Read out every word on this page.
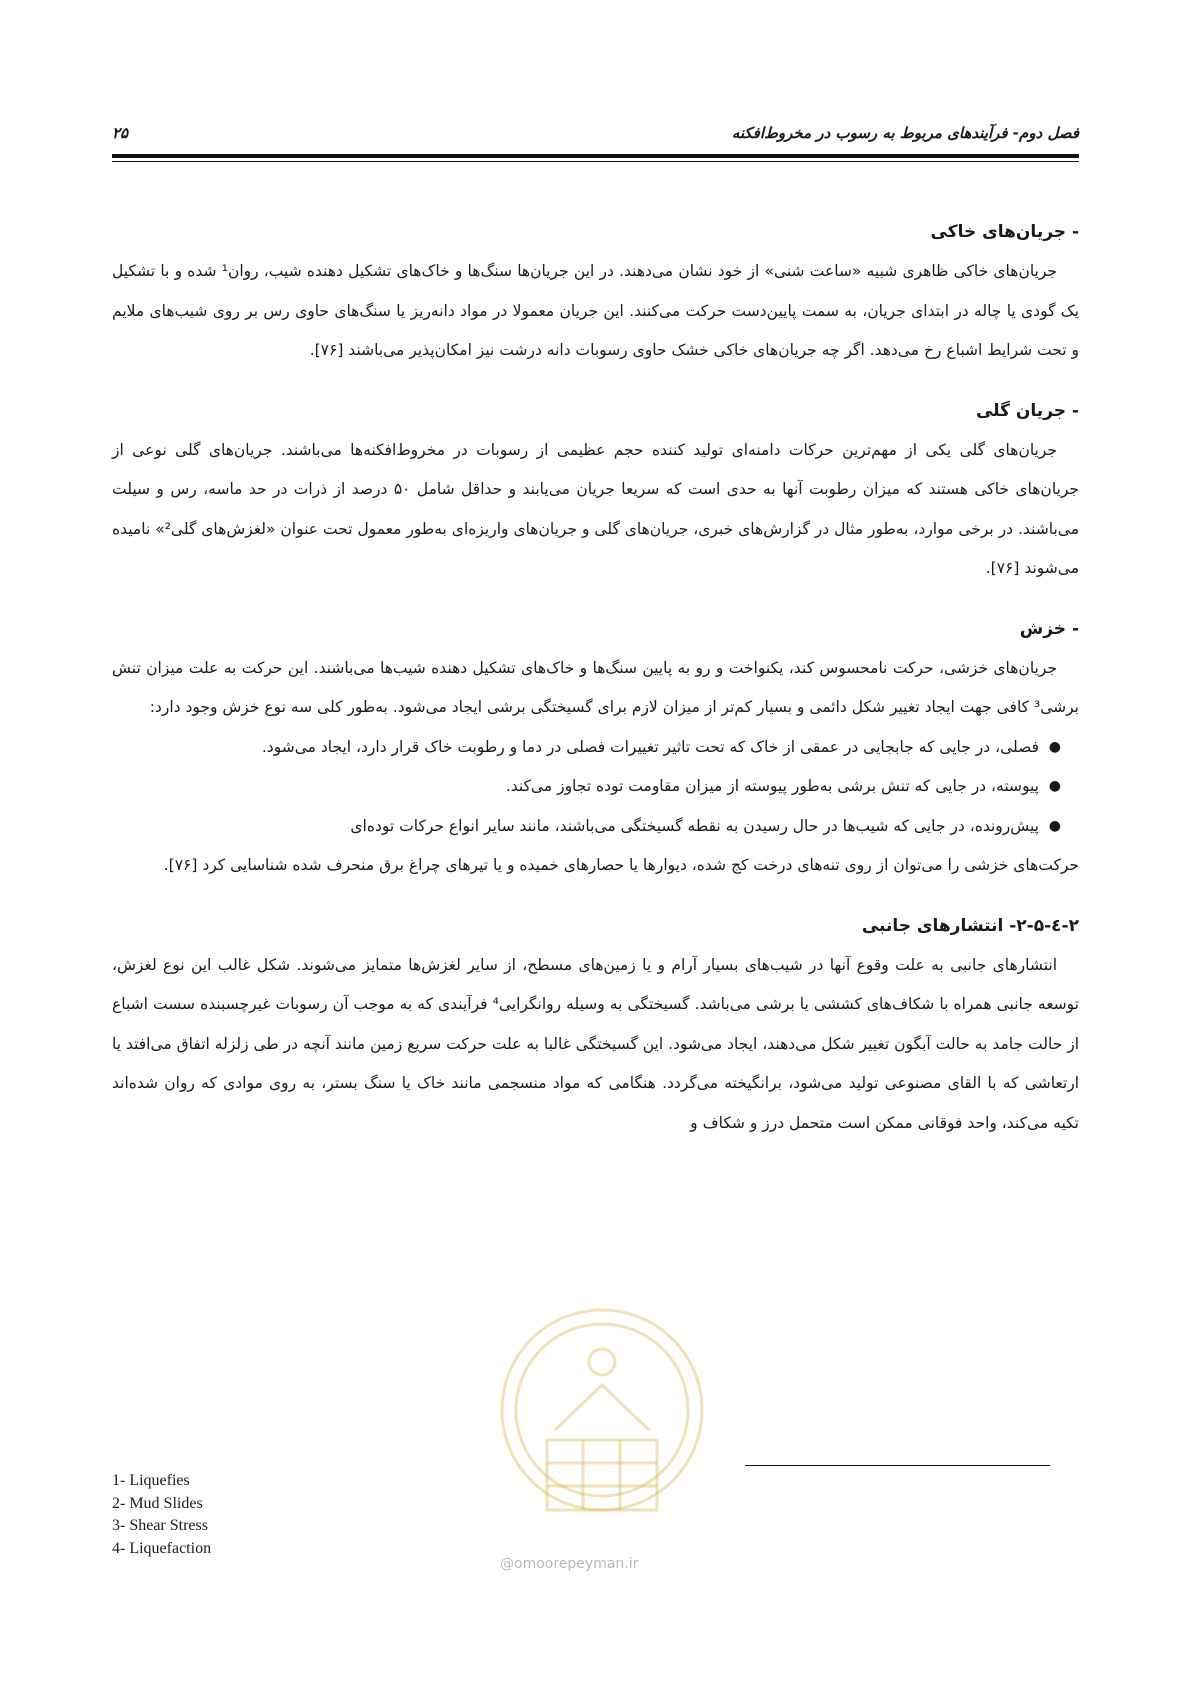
فصل دوم- فرآیندهای مربوط به رسوب در مخروط‌افکنه
۲۵
- جریان‌های خاکی

جریان‌های خاکی ظاهری شبیه «ساعت شنی» از خود نشان می‌دهند. در این جریان‌ها سنگ‌ها و خاک‌های تشکیل دهنده شیب، روان¹ شده و با تشکیل یک گودی یا چاله در ابتدای جریان، به سمت پایین‌دست حرکت می‌کنند. این جریان معمولا در مواد دانه‌ریز یا سنگ‌های حاوی رس بر روی شیب‌های ملایم و تحت شرایط اشباع رخ می‌دهد. اگر چه جریان‌های خاکی خشک حاوی رسوبات دانه درشت نیز امکان‌پذیر می‌باشند [۷۶].

- جریان گلی

جریان‌های گلی یکی از مهم‌ترین حرکات دامنه‌ای تولید کننده حجم عظیمی از رسوبات در مخروط‌افکنه‌ها می‌باشند. جریان‌های گلی نوعی از جریان‌های خاکی هستند که میزان رطوبت آنها به حدی است که سریعا جریان می‌یابند و حداقل شامل ۵۰ درصد از ذرات در حد ماسه، رس و سیلت می‌باشند. در برخی موارد، به‌طور مثال در گزارش‌های خبری، جریان‌های گلی و جریان‌های واریزه‌ای به‌طور معمول تحت عنوان «لغزش‌های گلی²» نامیده می‌شوند [۷۶].

- خزش

جریان‌های خزشی، حرکت نامحسوس کند، یکنواخت و رو به پایین سنگ‌ها و خاک‌های تشکیل دهنده شیب‌ها می‌باشند. این حرکت به علت میزان تنش برشی³ کافی جهت ایجاد تغییر شکل دائمی و بسیار کم‌تر از میزان لازم برای گسیختگی برشی ایجاد می‌شود. به‌طور کلی سه نوع خزش وجود دارد:

●
فصلی، در جایی که جابجایی در عمقی از خاک که تحت تاثیر تغییرات فصلی در دما و رطوبت خاک قرار دارد، ایجاد می‌شود.
●
پیوسته، در جایی که تنش برشی به‌طور پیوسته از میزان مقاومت توده تجاوز می‌کند.
●
پیش‌رونده، در جایی که شیب‌ها در حال رسیدن به نقطه گسیختگی می‌باشند، مانند سایر انواع حرکات توده‌ای

حرکت‌های خزشی را می‌توان از روی تنه‌های درخت کج شده، دیوارها یا حصارهای خمیده و یا تیرهای چراغ برق منحرف شده شناسایی کرد [۷۶].

۲-٤-۲-۵- انتشارهای جانبی

انتشارهای جانبی به علت وقوع آنها در شیب‌های بسیار آرام و یا زمین‌های مسطح، از سایر لغزش‌ها متمایز می‌شوند. شکل غالب این نوع لغزش، توسعه جانبی همراه با شکاف‌های کششی یا برشی می‌باشد. گسیختگی به وسیله روانگرایی⁴ فرآیندی که به موجب آن رسوبات غیرچسبنده سست اشباع از حالت جامد به حالت آبگون تغییر شکل می‌دهند، ایجاد می‌شود. این گسیختگی غالبا به علت حرکت سریع زمین مانند آنچه در طی زلزله اتفاق می‌افتد یا ارتعاشی که با القای مصنوعی تولید می‌شود، برانگیخته می‌گردد. هنگامی که مواد منسجمی مانند خاک یا سنگ بستر، به روی موادی که روان شده‌اند تکیه می‌کند، واحد فوقانی ممکن است متحمل درز و شکاف و

1- Liquefies
2- Mud Slides
3- Shear Stress
4- Liquefaction
@omoorepeyman.ir
